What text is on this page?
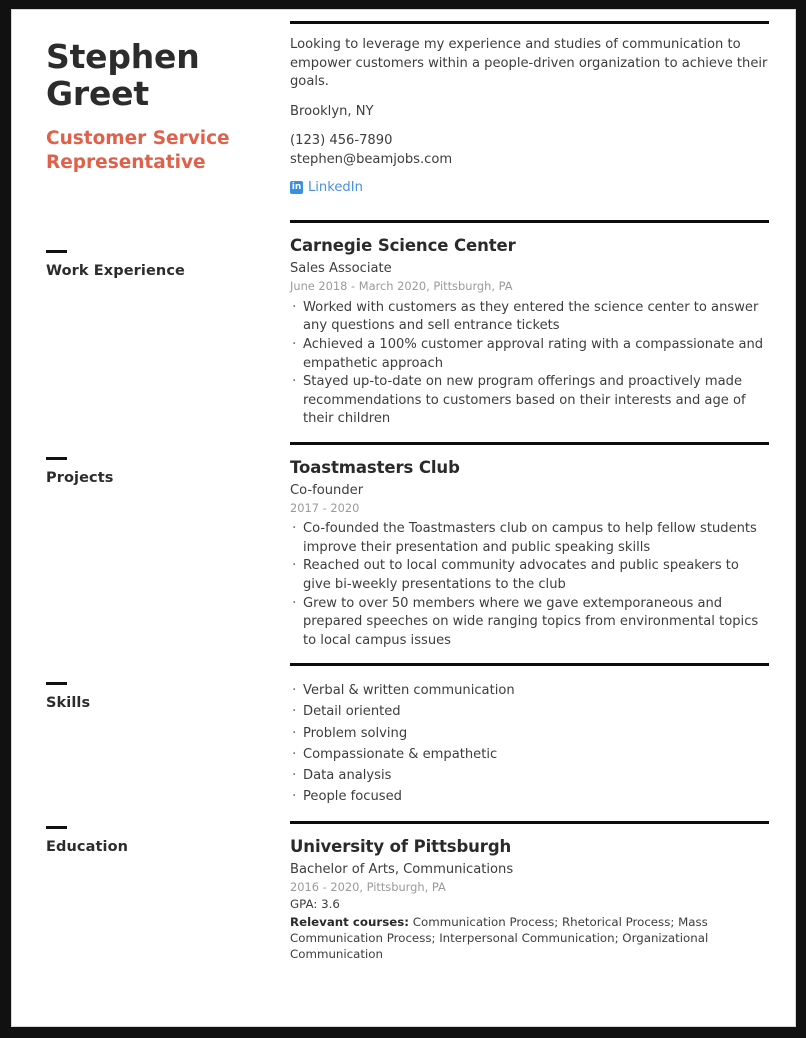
Stephen
Greet
Customer Service
Representative
Work Experience
Projects
Skills
Education
Looking to leverage my experience and studies of communication to empower customers within a people-driven organization to achieve their goals.
Brooklyn, NY
(123) 456-7890
stephen@beamjobs.com
in LinkedIn
Carnegie Science Center
Sales Associate
June 2018 - March 2020, Pittsburgh, PA
· Worked with customers as they entered the science center to answer any questions and sell entrance tickets
· Achieved a 100% customer approval rating with a compassionate and empathetic approach
· Stayed up-to-date on new program offerings and proactively made recommendations to customers based on their interests and age of their children
Toastmasters Club
Co-founder
2017 - 2020
· Co-founded the Toastmasters club on campus to help fellow students improve their presentation and public speaking skills
· Reached out to local community advocates and public speakers to give bi-weekly presentations to the club
· Grew to over 50 members where we gave extemporaneous and prepared speeches on wide ranging topics from environmental topics to local campus issues
· Verbal & written communication
· Detail oriented
· Problem solving
· Compassionate & empathetic
· Data analysis
· People focused
University of Pittsburgh
Bachelor of Arts, Communications
2016 - 2020, Pittsburgh, PA
GPA: 3.6
Relevant courses: Communication Process; Rhetorical Process; Mass Communication Process; Interpersonal Communication; Organizational Communication
